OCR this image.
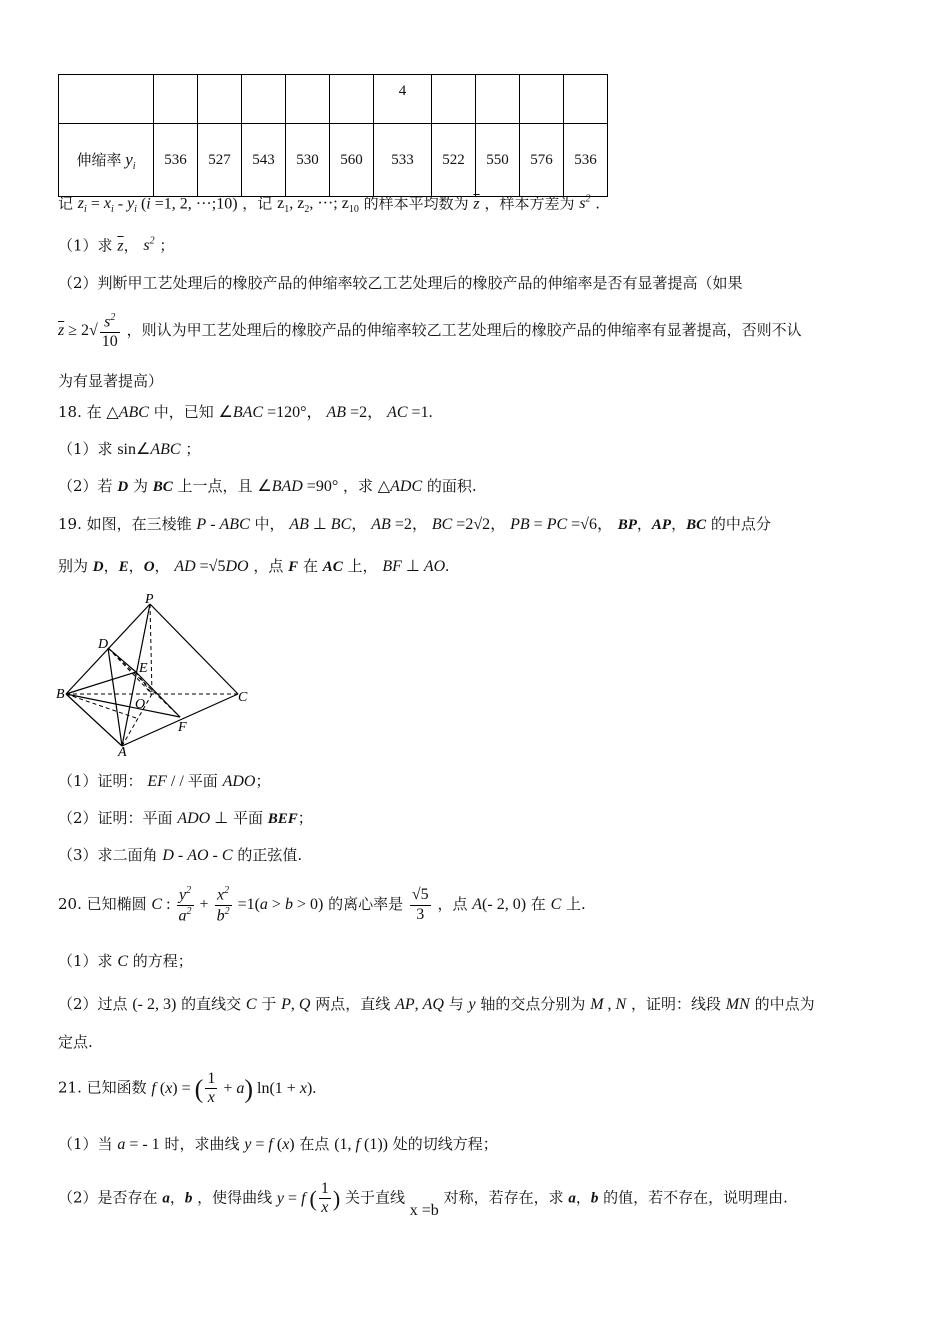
						4				
伸缩率 $y_i$	536	527	543	530	560	533	522	550	576	536
记 $z_i = x_i - y_i$ (i =1, 2, ···;10) ，记 $z_1$, $z_2$, ···; $z_{10}$ 的样本平均数为 $\overline{z}$ ，样本方差为 $s^2$ .
（1）求 $\overline{z}$， $s^2$ ；
（2）判断甲工艺处理后的橡胶产品的伸缩率较乙工艺处理后的橡胶产品的伸缩率是否有显著提高（如果
$\overline{z} \ge 2√ \frac{s^2}{10}$ ，则认为甲工艺处理后的橡胶产品的伸缩率较乙工艺处理后的橡胶产品的伸缩率有显著提高，否则不认
为有显著提高）
18. 在 △ABC 中，已知 ∠BAC =120°， AB =2， AC =1.
（1）求 sin∠ABC ；
（2）若 D 为 BC 上一点，且 ∠BAD =90° ，求 △ADC 的面积.
19. 如图，在三棱锥 P - ABC 中， AB ⊥ BC， AB =2， BC =2√2， PB = PC =√6， BP，AP，BC 的中点分
别为 D，E，O， AD =√5DO ，点 F 在 AC 上， BF ⊥ AO.
P
D
E
B
O	C
F
A
（1）证明： EF / / 平面 ADO；
（2）证明：平面 ADO ⊥ 平面 BEF；
（3）求二面角 D - AO - C 的正弦值.
20. 已知椭圆 C : $\frac{y^2}{a^2} + \frac{x^2}{b^2} =1(a > b > 0)$ 的离心率是 $\frac{√5}{3}$ ，点 A(- 2, 0) 在 C 上.
（1）求 C 的方程；
（2）过点 (- 2, 3) 的直线交 C 于 P, Q 两点，直线 AP, AQ 与 y 轴的交点分别为 M , N ，证明：线段 MN 的中点为
定点.
21. 已知函数 f (x) = ( $\frac{1}{x} + a$) ln(1 + x).
（1）当 a = - 1 时，求曲线 y = f (x) 在点 (1, f (1)) 处的切线方程；
（2）是否存在 a，b ，使得曲线 y = f ( $\frac{1}{x}$ ) 关于直线 x =b 对称，若存在，求 a，b 的值，若不存在，说明理由.
